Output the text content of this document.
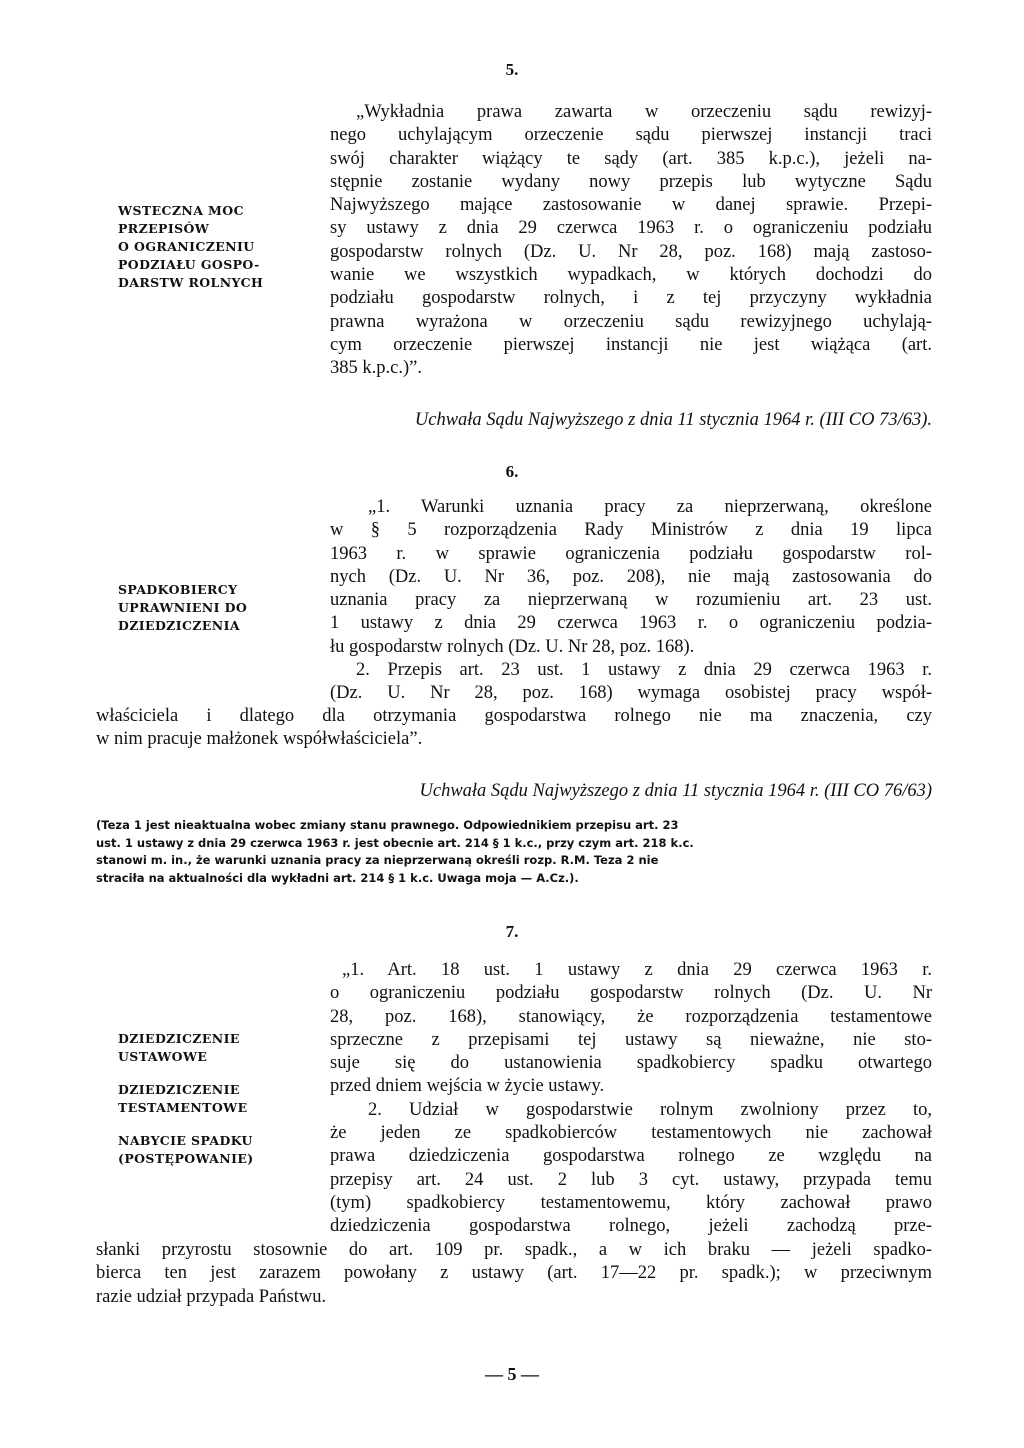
5.
WSTECZNA MOC
PRZEPISÓW
O OGRANICZENIU
PODZIAŁU GOSPO-
DARSTW ROLNYCH
„Wykładnia prawa zawarta w orzeczeniu sądu rewizyj-
nego uchylającym orzeczenie sądu pierwszej instancji traci
swój charakter wiążący te sądy (art. 385 k.p.c.), jeżeli na-
stępnie zostanie wydany nowy przepis lub wytyczne Sądu
Najwyższego mające zastosowanie w danej sprawie. Przepi-
sy ustawy z dnia 29 czerwca 1963 r. o ograniczeniu podziału
gospodarstw rolnych (Dz. U. Nr 28, poz. 168) mają zastoso-
wanie we wszystkich wypadkach, w których dochodzi do
podziału gospodarstw rolnych, i z tej przyczyny wykładnia
prawna wyrażona w orzeczeniu sądu rewizyjnego uchylają-
cym orzeczenie pierwszej instancji nie jest wiążąca (art.
385 k.p.c.)”.
Uchwała Sądu Najwyższego z dnia 11 stycznia 1964 r. (III CO 73/63).
6.
SPADKOBIERCY
UPRAWNIENI DO
DZIEDZICZENIA
„1. Warunki uznania pracy za nieprzerwaną, określone
w § 5 rozporządzenia Rady Ministrów z dnia 19 lipca
1963 r. w sprawie ograniczenia podziału gospodarstw rol-
nych (Dz. U. Nr 36, poz. 208), nie mają zastosowania do
uznania pracy za nieprzerwaną w rozumieniu art. 23 ust.
1 ustawy z dnia 29 czerwca 1963 r. o ograniczeniu podzia-
łu gospodarstw rolnych (Dz. U. Nr 28, poz. 168).
2. Przepis art. 23 ust. 1 ustawy z dnia 29 czerwca 1963 r.
(Dz. U. Nr 28, poz. 168) wymaga osobistej pracy współ-
właściciela i dlatego dla otrzymania gospodarstwa rolnego nie ma znaczenia, czy
w nim pracuje małżonek współwłaściciela”.
Uchwała Sądu Najwyższego z dnia 11 stycznia 1964 r. (III CO 76/63)
(Teza 1 jest nieaktualna wobec zmiany stanu prawnego. Odpowiednikiem przepisu art. 23
ust. 1 ustawy z dnia 29 czerwca 1963 r. jest obecnie art. 214 § 1 k.c., przy czym art. 218 k.c.
stanowi m. in., że warunki uznania pracy za nieprzerwaną określi rozp. R.M. Teza 2 nie
straciła na aktualności dla wykładni art. 214 § 1 k.c. Uwaga moja — A.Cz.).
7.
DZIEDZICZENIE
USTAWOWE
DZIEDZICZENIE
TESTAMENTOWE
NABYCIE SPADKU
(POSTĘPOWANIE)
„1. Art. 18 ust. 1 ustawy z dnia 29 czerwca 1963 r.
o ograniczeniu podziału gospodarstw rolnych (Dz. U. Nr
28, poz. 168), stanowiący, że rozporządzenia testamentowe
sprzeczne z przepisami tej ustawy są nieważne, nie sto-
suje się do ustanowienia spadkobiercy spadku otwartego
przed dniem wejścia w życie ustawy.
2. Udział w gospodarstwie rolnym zwolniony przez to,
że jeden ze spadkobierców testamentowych nie zachował
prawa dziedziczenia gospodarstwa rolnego ze względu na
przepisy art. 24 ust. 2 lub 3 cyt. ustawy, przypada temu
(tym) spadkobiercy testamentowemu, który zachował prawo
dziedziczenia gospodarstwa rolnego, jeżeli zachodzą prze-
słanki przyrostu stosownie do art. 109 pr. spadk., a w ich braku — jeżeli spadko-
bierca ten jest zarazem powołany z ustawy (art. 17—22 pr. spadk.); w przeciwnym
razie udział przypada Państwu.
— 5 —
